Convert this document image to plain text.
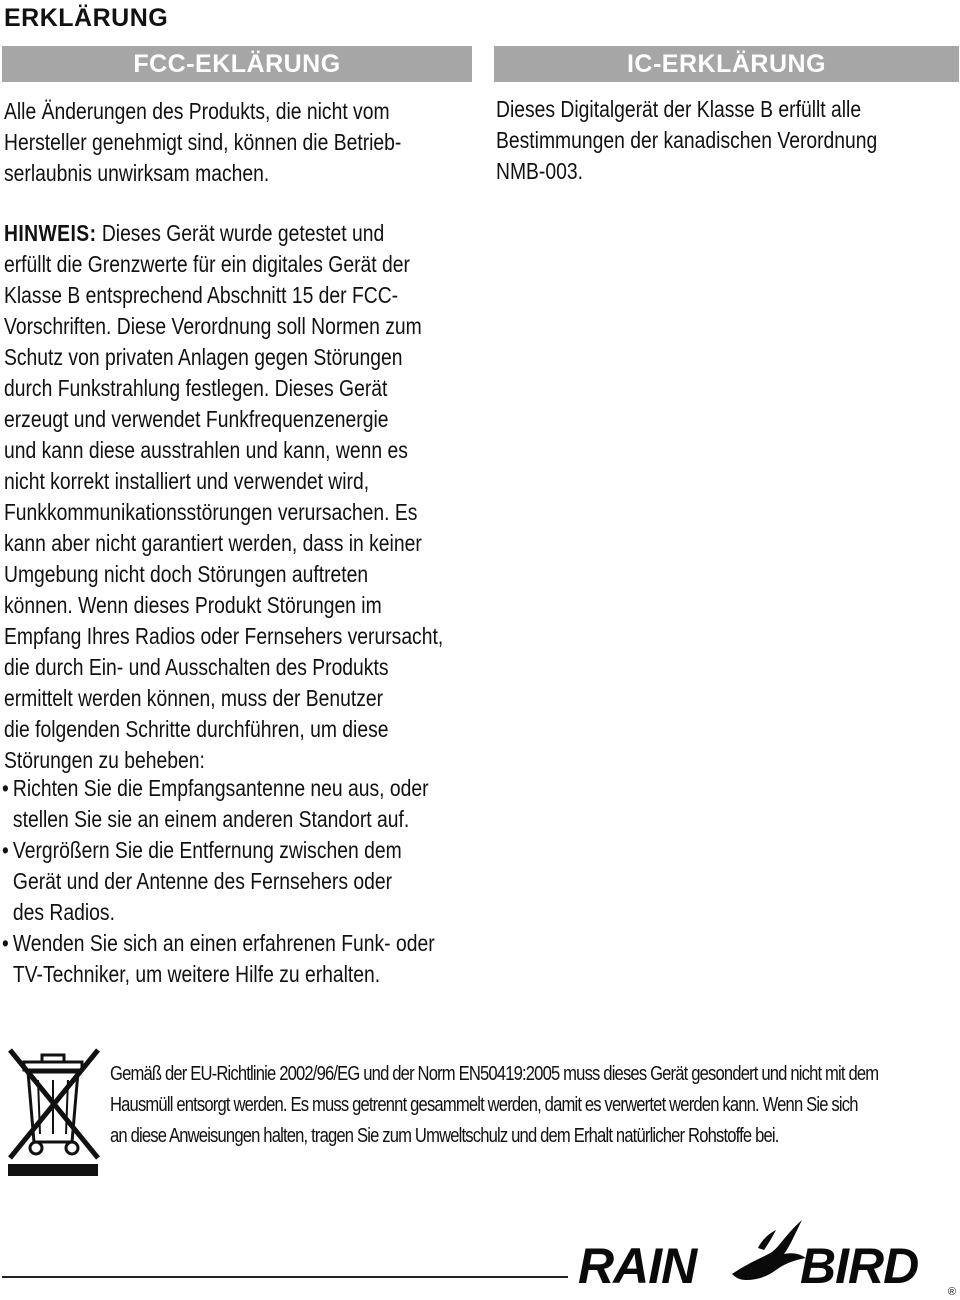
ERKLÄRUNG
FCC-EKLÄRUNG	IC-ERKLÄRUNG

Alle Änderungen des Produkts, die nicht vom
Hersteller genehmigt sind, können die Betrieb-
serlaubnis unwirksam machen.

Dieses Digitalgerät der Klasse B erfüllt alle
Bestimmungen der kanadischen Verordnung
NMB-003.

HINWEIS: Dieses Gerät wurde getestet und
erfüllt die Grenzwerte für ein digitales Gerät der
Klasse B entsprechend Abschnitt 15 der FCC-
Vorschriften. Diese Verordnung soll Normen zum
Schutz von privaten Anlagen gegen Störungen
durch Funkstrahlung festlegen. Dieses Gerät
erzeugt und verwendet Funkfrequenzenergie
und kann diese ausstrahlen und kann, wenn es
nicht korrekt installiert und verwendet wird,
Funkkommunikationsstörungen verursachen. Es
kann aber nicht garantiert werden, dass in keiner
Umgebung nicht doch Störungen auftreten
können. Wenn dieses Produkt Störungen im
Empfang Ihres Radios oder Fernsehers verursacht,
die durch Ein- und Ausschalten des Produkts
ermittelt werden können, muss der Benutzer
die folgenden Schritte durchführen, um diese
Störungen zu beheben:

• Richten Sie die Empfangsantenne neu aus, oder
stellen Sie sie an einem anderen Standort auf.
• Vergrößern Sie die Entfernung zwischen dem
Gerät und der Antenne des Fernsehers oder
des Radios.
• Wenden Sie sich an einen erfahrenen Funk- oder
TV-Techniker, um weitere Hilfe zu erhalten.

Gemäß der EU-Richtlinie 2002/96/EG und der Norm EN50419:2005 muss dieses Gerät gesondert und nicht mit dem
Hausmüll entsorgt werden. Es muss getrennt gesammelt werden, damit es verwertet werden kann. Wenn Sie sich
an diese Anweisungen halten, tragen Sie zum Umweltschulz und dem Erhalt natürlicher Rohstoffe bei.

RAIN BIRD	®
